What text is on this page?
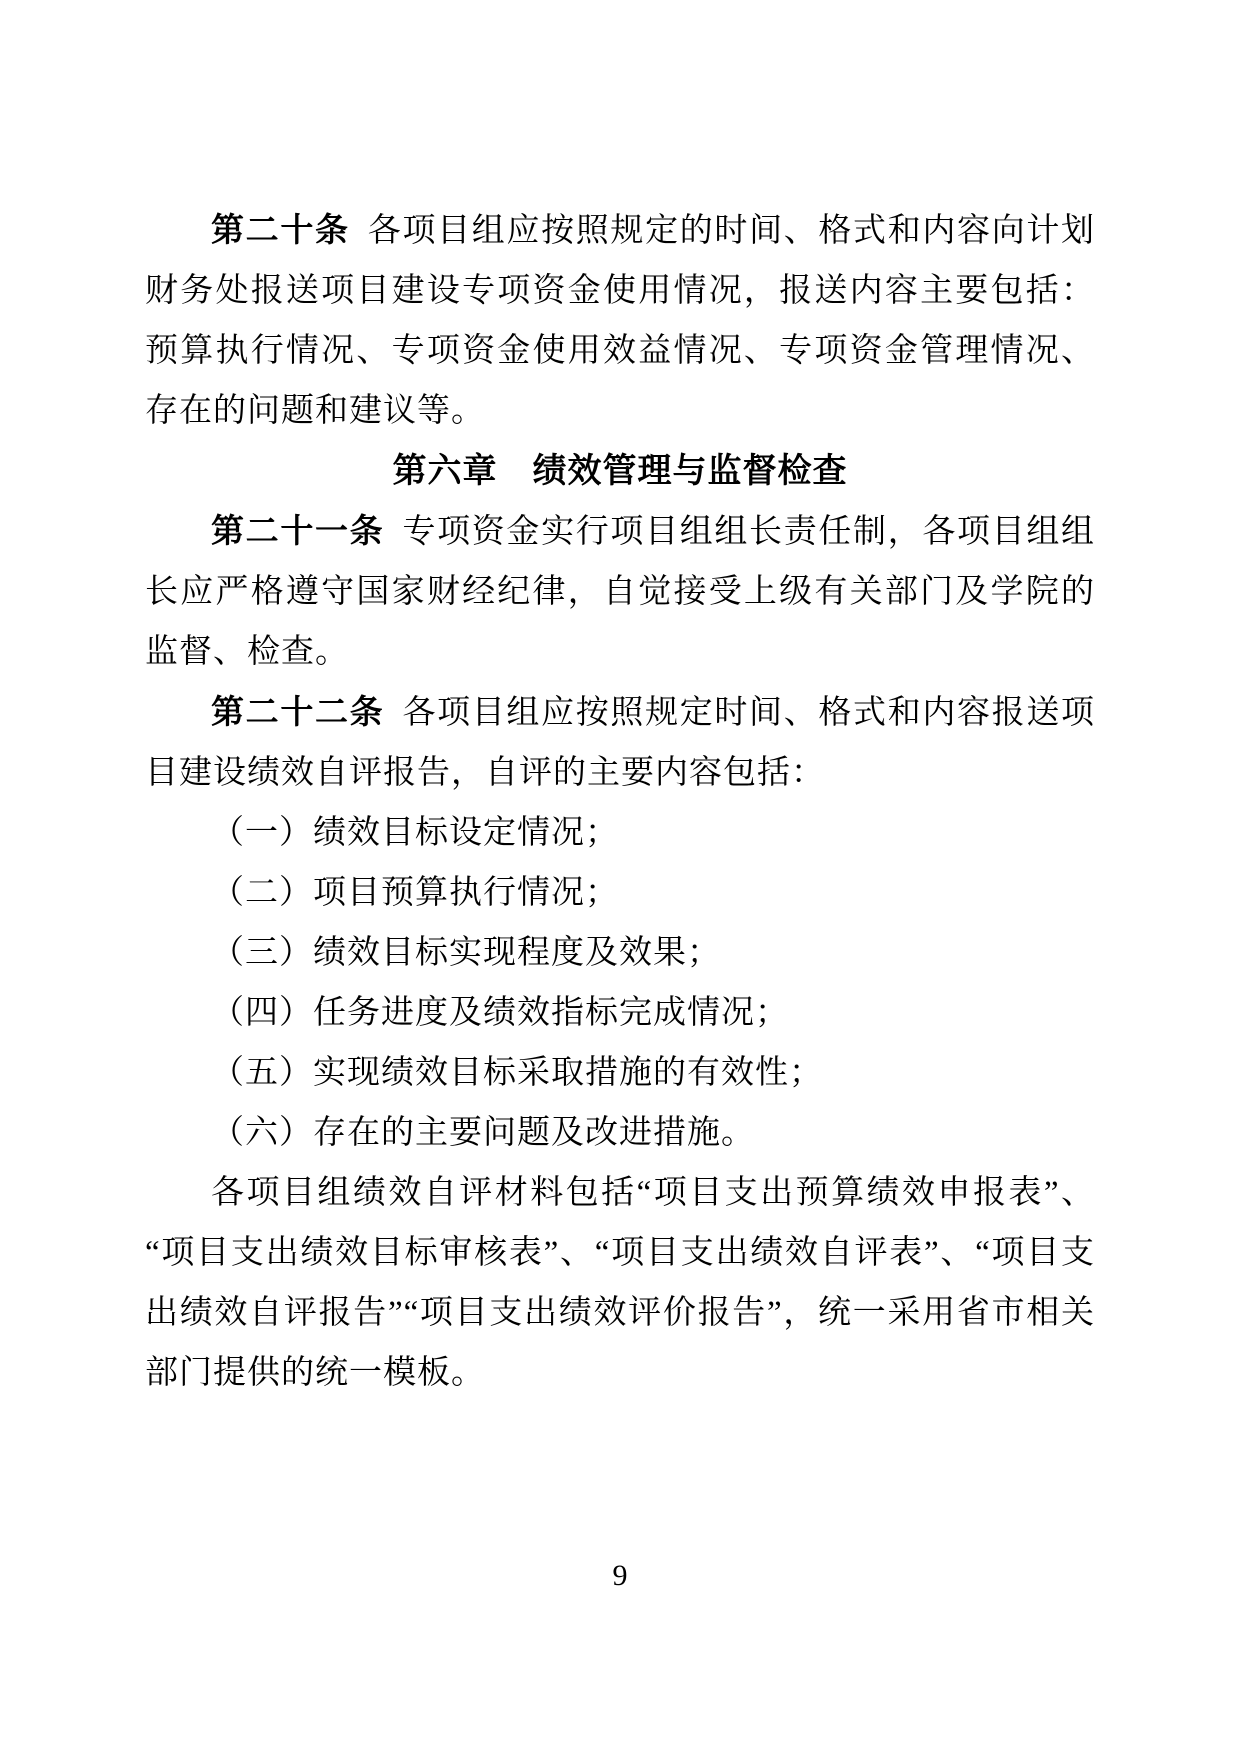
第二十条 各项目组应按照规定的时间、格式和内容向计划财务处报送项目建设专项资金使用情况，报送内容主要包括：预算执行情况、专项资金使用效益情况、专项资金管理情况、存在的问题和建议等。

第六章　绩效管理与监督检查

第二十一条 专项资金实行项目组组长责任制，各项目组组长应严格遵守国家财经纪律，自觉接受上级有关部门及学院的监督、检查。

第二十二条 各项目组应按照规定时间、格式和内容报送项目建设绩效自评报告，自评的主要内容包括：

（一）绩效目标设定情况；

（二）项目预算执行情况；

（三）绩效目标实现程度及效果；

（四）任务进度及绩效指标完成情况；

（五）实现绩效目标采取措施的有效性；

（六）存在的主要问题及改进措施。

各项目组绩效自评材料包括“项目支出预算绩效申报表”、“项目支出绩效目标审核表”、“项目支出绩效自评表”、“项目支出绩效自评报告”“项目支出绩效评价报告”，统一采用省市相关部门提供的统一模板。

9
